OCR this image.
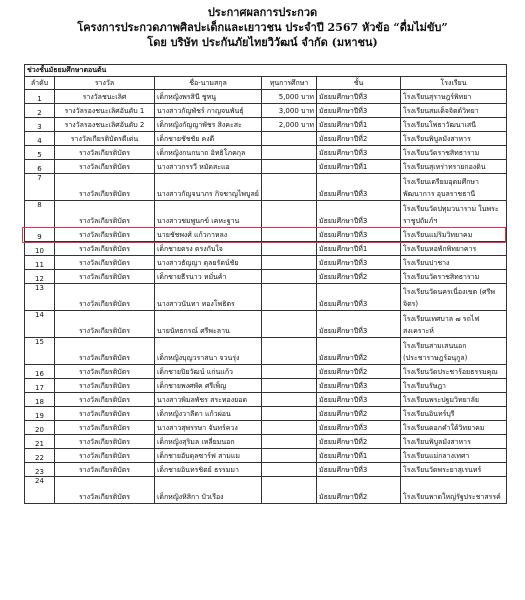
ประกาศผลการประกวด
โครงการประกวดภาพศิลปะเด็กและเยาวชน ประจำปี 2567 หัวข้อ “ดื่มไม่ขับ”
โดย บริษัท ประกันภัยไทยวิวัฒน์ จำกัด (มหาชน)
ช่วงชั้นมัธยมศึกษาตอนต้น					
ลำดับ	รางวัล	ชื่อ-นามสกุล	ทุนการศึกษา	ชั้น	โรงเรียน
1	รางวัลชนะเลิศ	เด็กหญิงพรสินี ชูหนู	5,000 บาท	มัธยมศึกษาปีที่3	โรงเรียนสุราษฎร์พิทยา
2	รางวัลรองชนะเลิศอันดับ 1	นางสาวกัญพัชร์ กาญจนพันธุ์	3,000 บาท	มัธยมศึกษาปีที่3	โรงเรียนสมเด็จจิตต์วิทยา
3	รางวัลรองชนะเลิศอันดับ 2	เด็กหญิงกัญญาพัชร สิงคะสะ	2,000 บาท	มัธยมศึกษาปีที่1	โรงเรียนโพธาวัฒนาเสนี
4	รางวัลเกียรติบัตรดีเด่น	เด็กชายชัชชัย คงดี		มัธยมศึกษาปีที่2	โรงเรียนพิบูลมังสาหาร
5	รางวัลเกียรติบัตร	เด็กหญิงกนกนาถ อิทธิโภคกุล		มัธยมศึกษาปีที่3	โรงเรียนวัดราชสิทธาราม
6	รางวัลเกียรติบัตร	นางสาวกรรวี หมัดสะแอ		มัธยมศึกษาปีที่1	โรงเรียนสุเหร่าทรายกองดิน
7	รางวัลเกียรติบัตร	นางสาวกัญจนาภร กิจชาญไพบูลย์		มัธยมศึกษาปีที่3	โรงเรียนเตรียมอุดมศึกษาพัฒนาการ อุบลราชธานี
8	รางวัลเกียรติบัตร	นางสาวชมพูนกข์ เคหะฐาน		มัธยมศึกษาปีที่3	โรงเรียนวัดปทุมวนาราม ในพระราชูปถัมภ์ฯ
9	รางวัลเกียรติบัตร	นายชัชพงศ์ แก้วกาหลง		มัธยมศึกษาปีที่3	โรงเรียนแม่ริมวิทยาคม
10	รางวัลเกียรติบัตร	เด็กชายตรง ตรงกับใจ		มัธยมศึกษาปีที่1	โรงเรียนหอพักพิทยาคาร
11	รางวัลเกียรติบัตร	นางสาวธัญญา ดุลยรัตน์ชัย		มัธยมศึกษาปีที่3	โรงเรียนปาชาง
12	รางวัลเกียรติบัตร	เด็กชายธีรนาว หมั่นค้า		มัธยมศึกษาปีที่2	โรงเรียนวัดราชสิทธาราม
13	รางวัลเกียรติบัตร	นางสาวนันทา ทองโพธิตร		มัธยมศึกษาปีที่3	โรงเรียนวัดนครเนื่องเขต (ศรีพจิตร)
14	รางวัลเกียรติบัตร	นายนัทธกรณ์ ศรีพะลาน		มัธยมศึกษาปีที่3	โรงเรียนเทศบาล ๗ รถไฟสงเคราะห์
15	รางวัลเกียรติบัตร	เด็กหญิงบุญวราสนา จวนรุ่ง		มัธยมศึกษาปีที่2	โรงเรียนสามเสนนอก (ประชาราษฎร์อนุกูล)
16	รางวัลเกียรติบัตร	เด็กชายปิยวัฒน์ แก่นแก้ว		มัธยมศึกษาปีที่2	โรงเรียนวัดประชาร้อยธรรมคุณ
17	รางวัลเกียรติบัตร	เด็กชายพงศพัค ศรีเพ็ญ		มัธยมศึกษาปีที่3	โรงเรียนรัษฎา
18	รางวัลเกียรติบัตร	นางสาวพิมลพัชร สระทองยอด		มัธยมศึกษาปีที่3	โรงเรียนพระปฐมวิทยาลัย
19	รางวัลเกียรติบัตร	เด็กหญิงวาลีดา แก้วผ่อน		มัธยมศึกษาปีที่2	โรงเรียนอินทร์บุรี
20	รางวัลเกียรติบัตร	นางสาวสุพรรษา จันทร์ควง		มัธยมศึกษาปีที่3	โรงเรียนดอกคำใต้วิทยาคม
21	รางวัลเกียรติบัตร	เด็กหญิงสุริมล เหลี่ยมนอก		มัธยมศึกษาปีที่2	โรงเรียนพิบูลมังสาหาร
22	รางวัลเกียรติบัตร	เด็กชายอับดุลซาร์ฟ สามแม		มัธยมศึกษาปีที่1	โรงเรียนแม่กลางเทศา
23	รางวัลเกียรติบัตร	เด็กชายอินทรชิตย์ ธรรมมา		มัธยมศึกษาปีที่3	โรงเรียนวัดพระยาสุเรนทร์
24	รางวัลเกียรติบัตร	เด็กหญิงหิสิกา บัวเรือง		มัธยมศึกษาปีที่2	โรงเรียนพาดใหญ่รัฐประชาสรรค์
